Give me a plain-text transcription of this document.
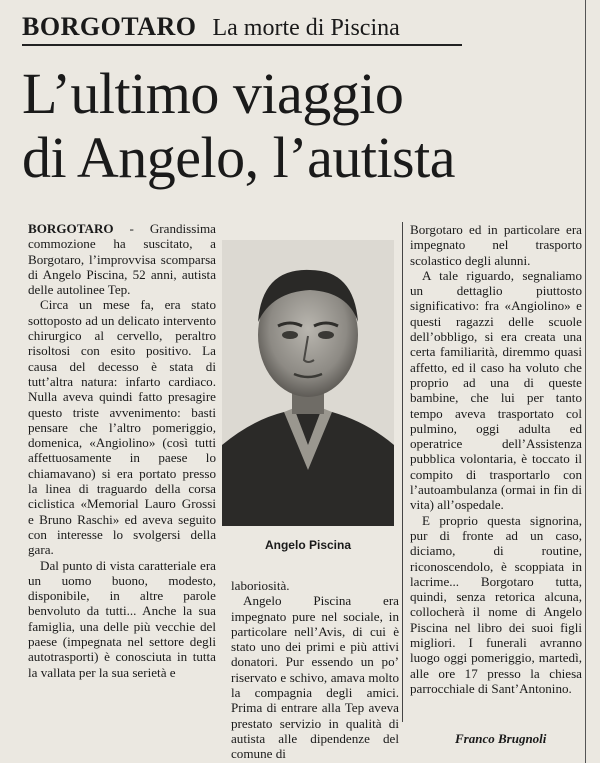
BORGOTARO La morte di Piscina
L’ultimo viaggio
di Angelo, l’autista

BORGOTARO - Grandissima commozione ha suscitato, a Borgotaro, l’improvvisa scomparsa di Angelo Piscina, 52 anni, autista delle autolinee Tep.

Circa un mese fa, era stato sottoposto ad un delicato intervento chirurgico al cervello, peraltro risoltosi con esito positivo. La causa del decesso è stata di tutt’altra natura: infarto cardiaco. Nulla aveva quindi fatto presagire questo triste avvenimento: basti pensare che l’altro pomeriggio, domenica, «Angiolino» (così tutti affettuosamente in paese lo chiamavano) si era portato presso la linea di traguardo della corsa ciclistica «Memorial Lauro Grossi e Bruno Raschi» ed aveva seguito con interesse lo svolgersi della gara.

Dal punto di vista caratteriale era un uomo buono, modesto, disponibile, in altre parole benvoluto da tutti... Anche la sua famiglia, una delle più vecchie del paese (impegnata nel settore degli autotrasporti) è conosciuta in tutta la vallata per la sua serietà e

Angelo Piscina

laboriosità.

Angelo Piscina era impegnato pure nel sociale, in particolare nell’Avis, di cui è stato uno dei primi e più attivi donatori. Pur essendo un po’ riservato e schivo, amava molto la compagnia degli amici. Prima di entrare alla Tep aveva prestato servizio in qualità di autista alle dipendenze del comune di

Borgotaro ed in particolare era impegnato nel trasporto scolastico degli alunni.

A tale riguardo, segnaliamo un dettaglio piuttosto significativo: fra «Angiolino» e questi ragazzi delle scuole dell’obbligo, si era creata una certa familiarità, diremmo quasi affetto, ed il caso ha voluto che proprio ad una di queste bambine, che lui per tanto tempo aveva trasportato col pulmino, oggi adulta ed operatrice dell’Assistenza pubblica volontaria, è toccato il compito di trasportarlo con l’autoambulanza (ormai in fin di vita) all’ospedale.

E proprio questa signorina, pur di fronte ad un caso, diciamo, di routine, riconoscendolo, è scoppiata in lacrime... Borgotaro tutta, quindi, senza retorica alcuna, collocherà il nome di Angelo Piscina nel libro dei suoi figli migliori. I funerali avranno luogo oggi pomeriggio, martedì, alle ore 17 presso la chiesa parrocchiale di Sant’Antonino.

Franco Brugnoli
